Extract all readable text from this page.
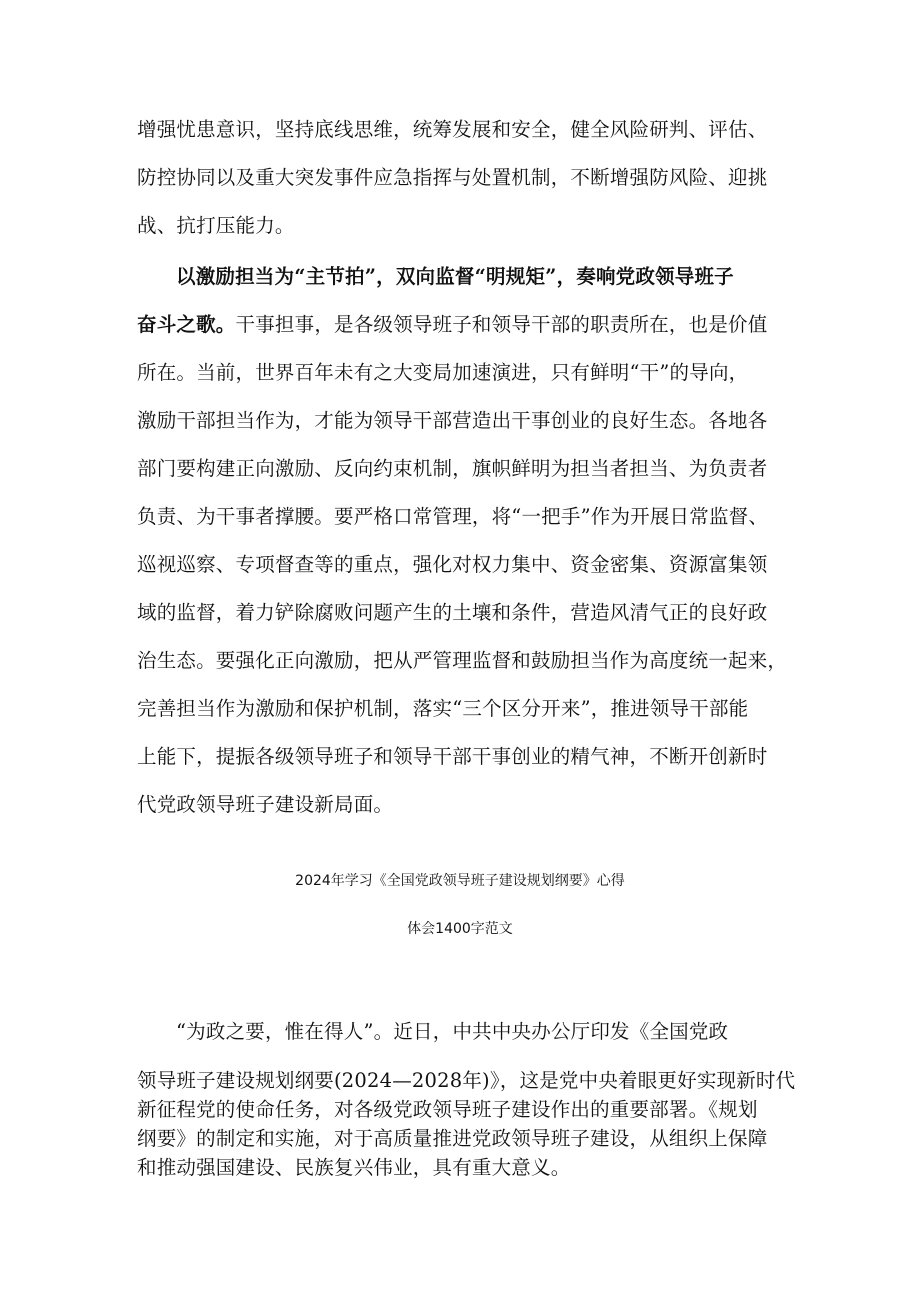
增强忧患意识，坚持底线思维，统筹发展和安全，健全风险研判、评估、
防控协同以及重大突发事件应急指挥与处置机制，不断增强防风险、迎挑
战、抗打压能力。
以激励担当为“主节拍”，双向监督“明规矩”，奏响党政领导班子
奋斗之歌。干事担事，是各级领导班子和领导干部的职责所在，也是价值
所在。当前，世界百年未有之大变局加速演进，只有鲜明“干”的导向，
激励干部担当作为，才能为领导干部营造出干事创业的良好生态。各地各
部门要构建正向激励、反向约束机制，旗帜鲜明为担当者担当、为负责者
负责、为干事者撑腰。要严格口常管理，将“一把手”作为开展日常监督、
巡视巡察、专项督查等的重点，强化对权力集中、资金密集、资源富集领
域的监督，着力铲除腐败问题产生的土壤和条件，营造风清气正的良好政
治生态。要强化正向激励，把从严管理监督和鼓励担当作为高度统一起来，
完善担当作为激励和保护机制，落实“三个区分开来”，推进领导干部能
上能下，提振各级领导班子和领导干部干事创业的精气神，不断开创新时
代党政领导班子建设新局面。
2024年学习《全国党政领导班子建设规划纲要》心得
体会1400字范文
“为政之要，惟在得人”。近日，中共中央办公厅印发《全国党政
领导班子建设规划纲要(2024—2028年)》，这是党中央着眼更好实现新时代
新征程党的使命任务，对各级党政领导班子建设作出的重要部署。《规划
纲要》的制定和实施，对于高质量推进党政领导班子建设，从组织上保障
和推动强国建设、民族复兴伟业，具有重大意义。
